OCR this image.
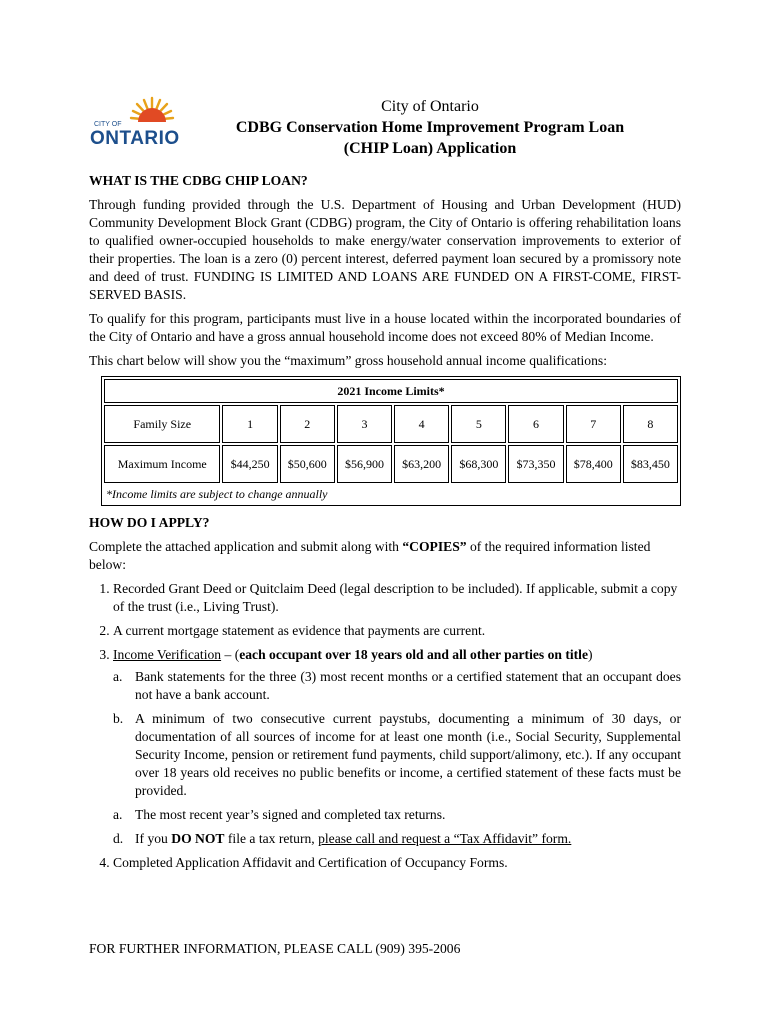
CITY OF
ONTARIO
City of Ontario
CDBG Conservation Home Improvement Program Loan
(CHIP Loan) Application
WHAT IS THE CDBG CHIP LOAN?

Through funding provided through the U.S. Department of Housing and Urban Development (HUD) Community Development Block Grant (CDBG) program, the City of Ontario is offering rehabilitation loans to qualified owner-occupied households to make energy/water conservation improvements to exterior of their properties. The loan is a zero (0) percent interest, deferred payment loan secured by a promissory note and deed of trust. FUNDING IS LIMITED AND LOANS ARE FUNDED ON A FIRST-COME, FIRST-SERVED BASIS.

To qualify for this program, participants must live in a house located within the incorporated boundaries of the City of Ontario and have a gross annual household income does not exceed 80% of Median Income.

This chart below will show you the “maximum” gross household annual income qualifications:

2021 Income Limits*								
Family Size	1	2	3	4	5	6	7	8
Maximum Income	$44,250	$50,600	$56,900	$63,200	$68,300	$73,350	$78,400	$83,450
*Income limits are subject to change annually								
HOW DO I APPLY?

Complete the attached application and submit along with “COPIES” of the required information listed below:

1. Recorded Grant Deed or Quitclaim Deed (legal description to be included). If applicable, submit a copy of the trust (i.e., Living Trust).
2. A current mortgage statement as evidence that payments are current.
3. Income Verification – (each occupant over 18 years old and all other parties on title)
a. Bank statements for the three (3) most recent months or a certified statement that an occupant does not have a bank account.
b. A minimum of two consecutive current paystubs, documenting a minimum of 30 days, or documentation of all sources of income for at least one month (i.e., Social Security, Supplemental Security Income, pension or retirement fund payments, child support/alimony, etc.). If any occupant over 18 years old receives no public benefits or income, a certified statement of these facts must be provided.
a. The most recent year’s signed and completed tax returns.
d. If you DO NOT file a tax return, please call and request a “Tax Affidavit” form.
4. Completed Application Affidavit and Certification of Occupancy Forms.
FOR FURTHER INFORMATION, PLEASE CALL (909) 395-2006
